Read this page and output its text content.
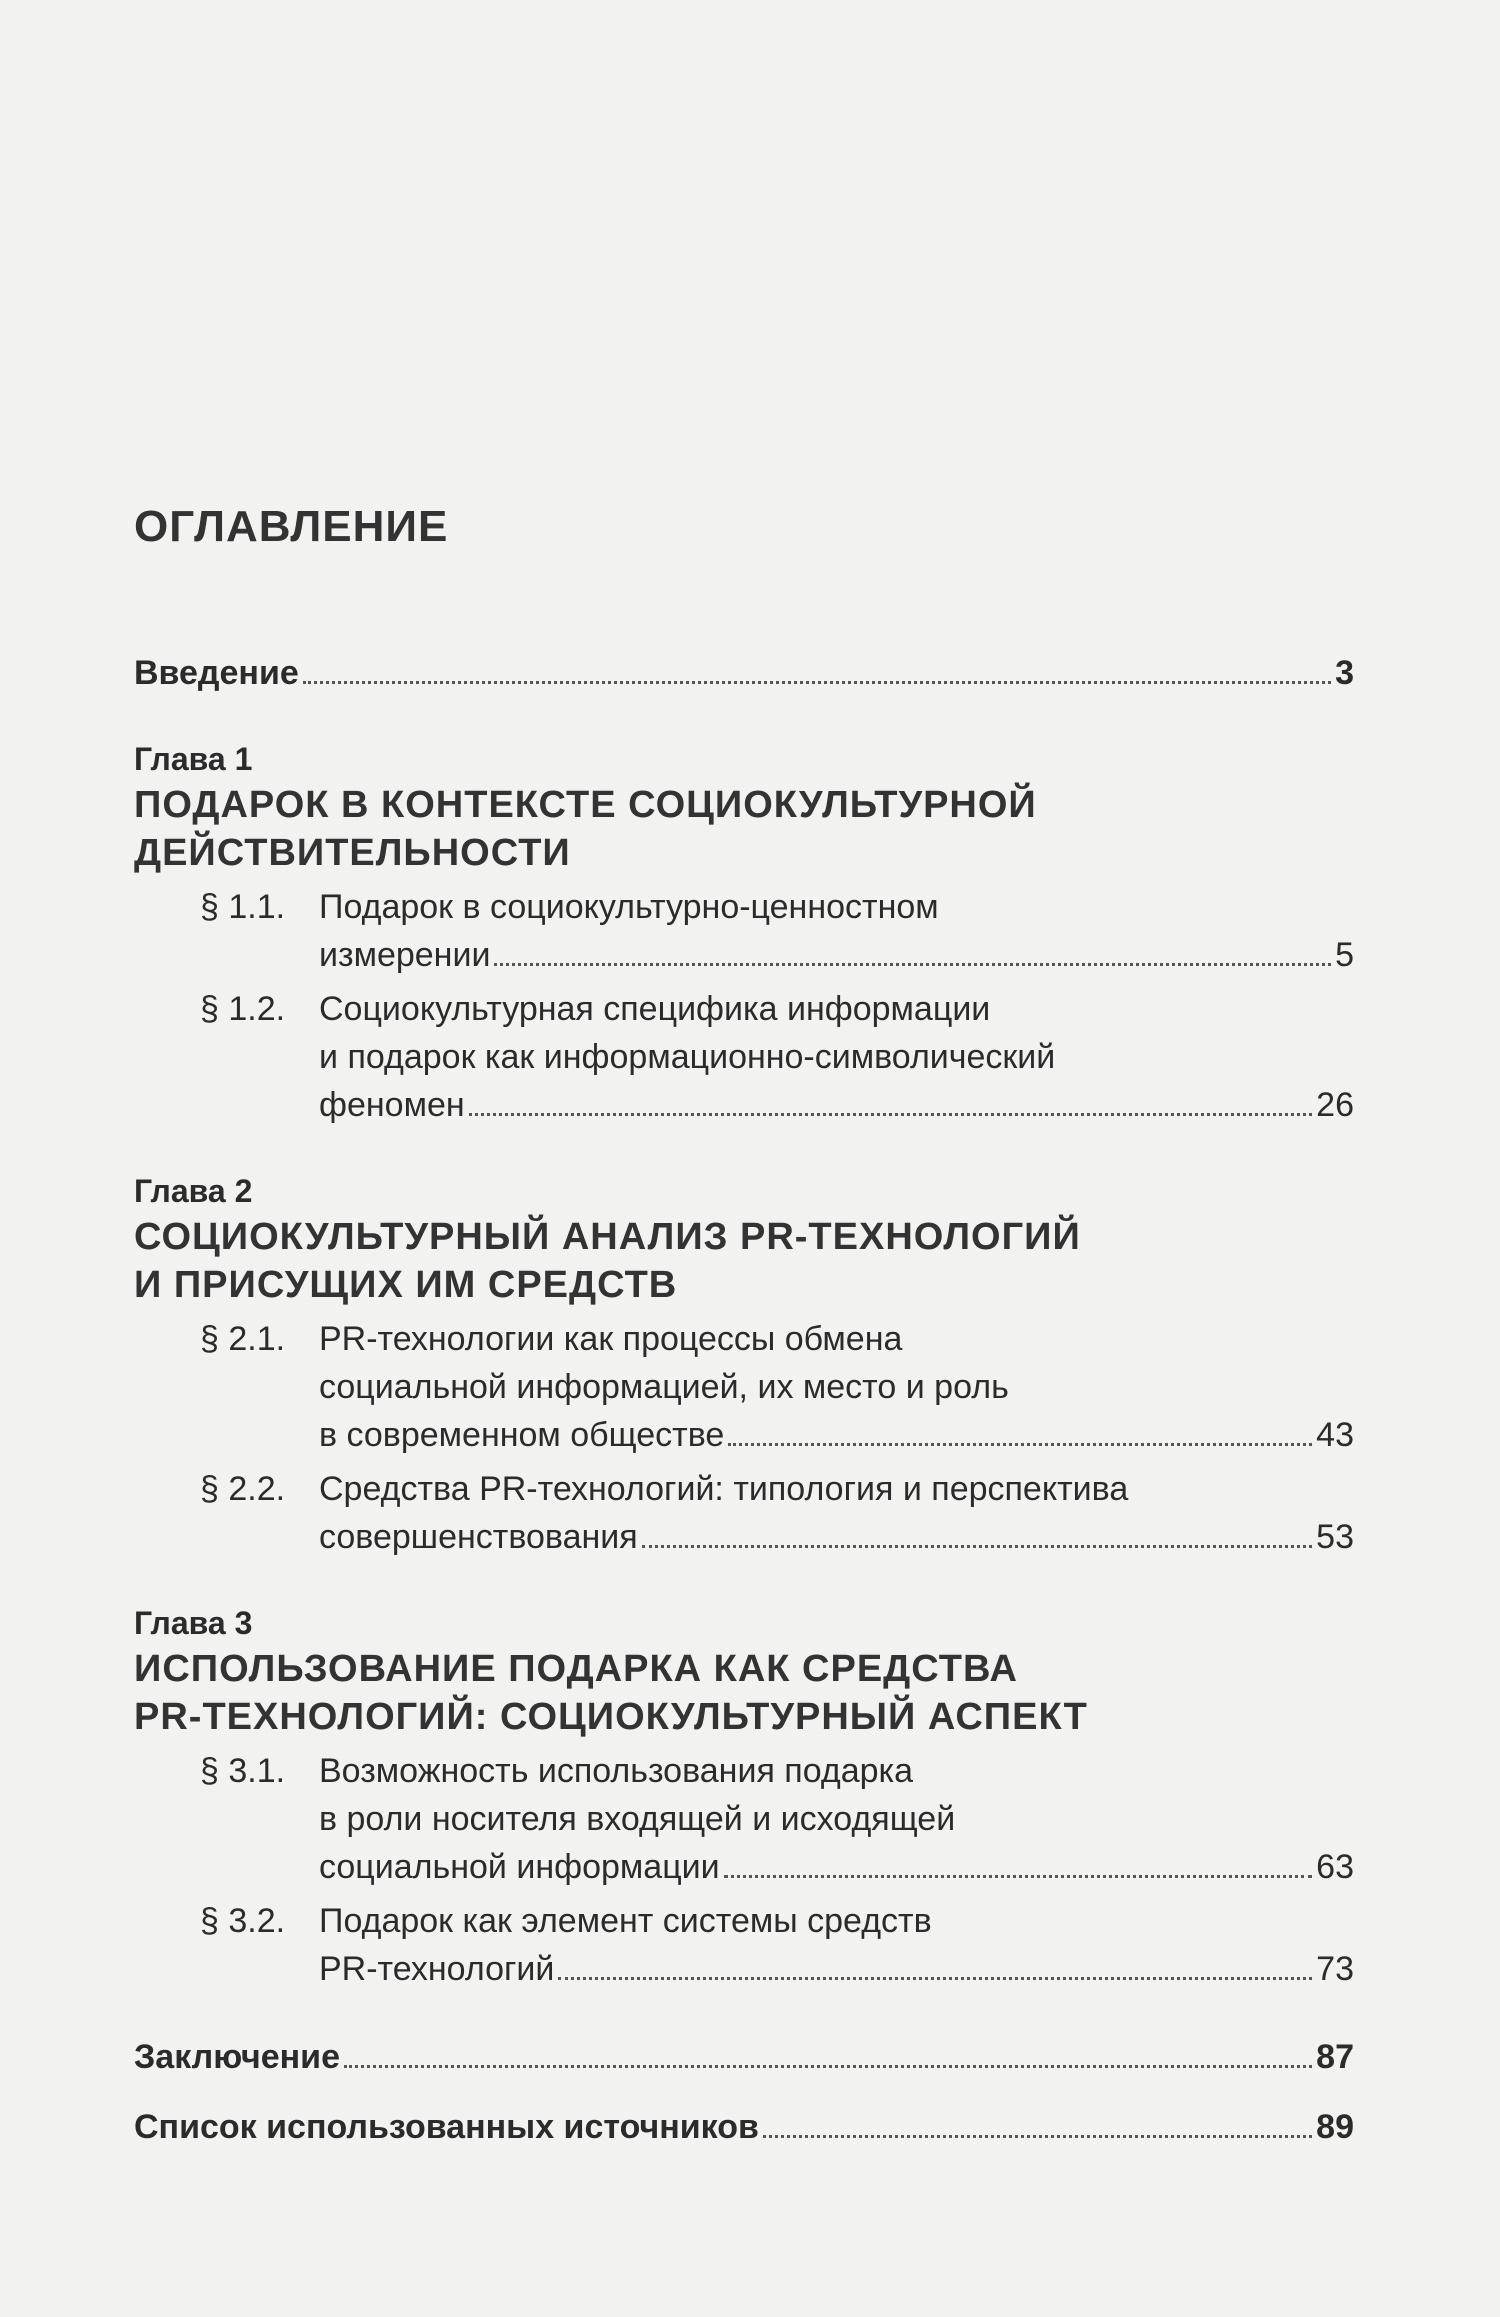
ОГЛАВЛЕНИЕ
Введение	3
Глава 1
ПОДАРОК В КОНТЕКСТЕ СОЦИОКУЛЬТУРНОЙ
ДЕЙСТВИТЕЛЬНОСТИ
§ 1.1. Подарок в социокультурно-ценностном
измерении	5
§ 1.2. Социокультурная специфика информации
и подарок как информационно-символический
феномен	26
Глава 2
СОЦИОКУЛЬТУРНЫЙ АНАЛИЗ PR-ТЕХНОЛОГИЙ
И ПРИСУЩИХ ИМ СРЕДСТВ
§ 2.1. PR-технологии как процессы обмена
социальной информацией, их место и роль
в современном обществе	43
§ 2.2. Средства PR-технологий: типология и перспектива
совершенствования	53
Глава 3
ИСПОЛЬЗОВАНИЕ ПОДАРКА КАК СРЕДСТВА
PR-ТЕХНОЛОГИЙ: СОЦИОКУЛЬТУРНЫЙ АСПЕКТ
§ 3.1. Возможность использования подарка
в роли носителя входящей и исходящей
социальной информации	63
§ 3.2. Подарок как элемент системы средств
PR-технологий	73
Заключение	87
Список использованных источников	89
